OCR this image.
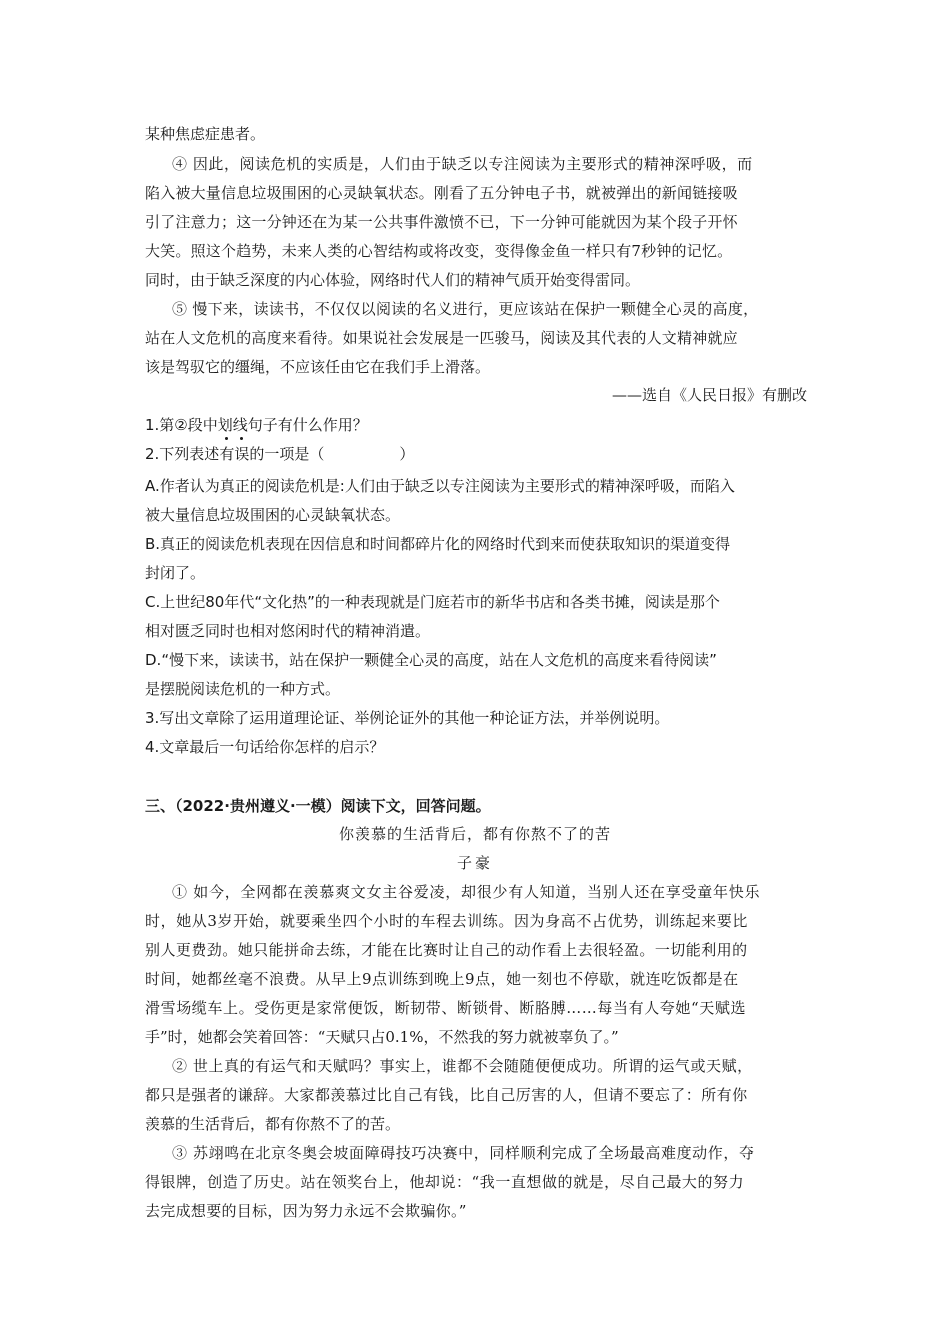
某种焦虑症患者。
④ 因此，阅读危机的实质是，人们由于缺乏以专注阅读为主要形式的精神深呼吸，而
陷入被大量信息垃圾围困的心灵缺氧状态。刚看了五分钟电子书，就被弹出的新闻链接吸
引了注意力；这一分钟还在为某一公共事件激愤不已，下一分钟可能就因为某个段子开怀
大笑。照这个趋势，未来人类的心智结构或将改变，变得像金鱼一样只有7秒钟的记忆。
同时，由于缺乏深度的内心体验，网络时代人们的精神气质开始变得雷同。
⑤ 慢下来，读读书，不仅仅以阅读的名义进行，更应该站在保护一颗健全心灵的高度，
站在人文危机的高度来看待。如果说社会发展是一匹骏马，阅读及其代表的人文精神就应
该是驾驭它的缰绳，不应该任由它在我们手上滑落。
——选自《人民日报》有删改
1.第②段中划线句子有什么作用？
2.下列表述有误的一项是（　　　　　）
A.作者认为真正的阅读危机是:人们由于缺乏以专注阅读为主要形式的精神深呼吸，而陷入
被大量信息垃圾围困的心灵缺氧状态。
B.真正的阅读危机表现在因信息和时间都碎片化的网络时代到来而使获取知识的渠道变得
封闭了。
C.上世纪80年代“文化热”的一种表现就是门庭若市的新华书店和各类书摊，阅读是那个
相对匮乏同时也相对悠闲时代的精神消遣。
D.“慢下来，读读书，站在保护一颗健全心灵的高度，站在人文危机的高度来看待阅读”
是摆脱阅读危机的一种方式。
3.写出文章除了运用道理论证、举例论证外的其他一种论证方法，并举例说明。
4.文章最后一句话给你怎样的启示？
三、（2022·贵州遵义·一模）阅读下文，回答问题。
你羡慕的生活背后，都有你熬不了的苦
子豪
① 如今，全网都在羡慕爽文女主谷爱凌，却很少有人知道，当别人还在享受童年快乐
时，她从3岁开始，就要乘坐四个小时的车程去训练。因为身高不占优势，训练起来要比
别人更费劲。她只能拼命去练，才能在比赛时让自己的动作看上去很轻盈。一切能利用的
时间，她都丝毫不浪费。从早上9点训练到晚上9点，她一刻也不停歇，就连吃饭都是在
滑雪场缆车上。受伤更是家常便饭，断韧带、断锁骨、断胳膊……每当有人夸她“天赋选
手”时，她都会笑着回答：“天赋只占0.1%，不然我的努力就被辜负了。”
② 世上真的有运气和天赋吗？事实上，谁都不会随随便便成功。所谓的运气或天赋，
都只是强者的谦辞。大家都羡慕过比自己有钱，比自己厉害的人，但请不要忘了：所有你
羡慕的生活背后，都有你熬不了的苦。
③ 苏翊鸣在北京冬奥会坡面障碍技巧决赛中，同样顺利完成了全场最高难度动作，夺
得银牌，创造了历史。站在领奖台上，他却说：“我一直想做的就是，尽自己最大的努力
去完成想要的目标，因为努力永远不会欺骗你。”
